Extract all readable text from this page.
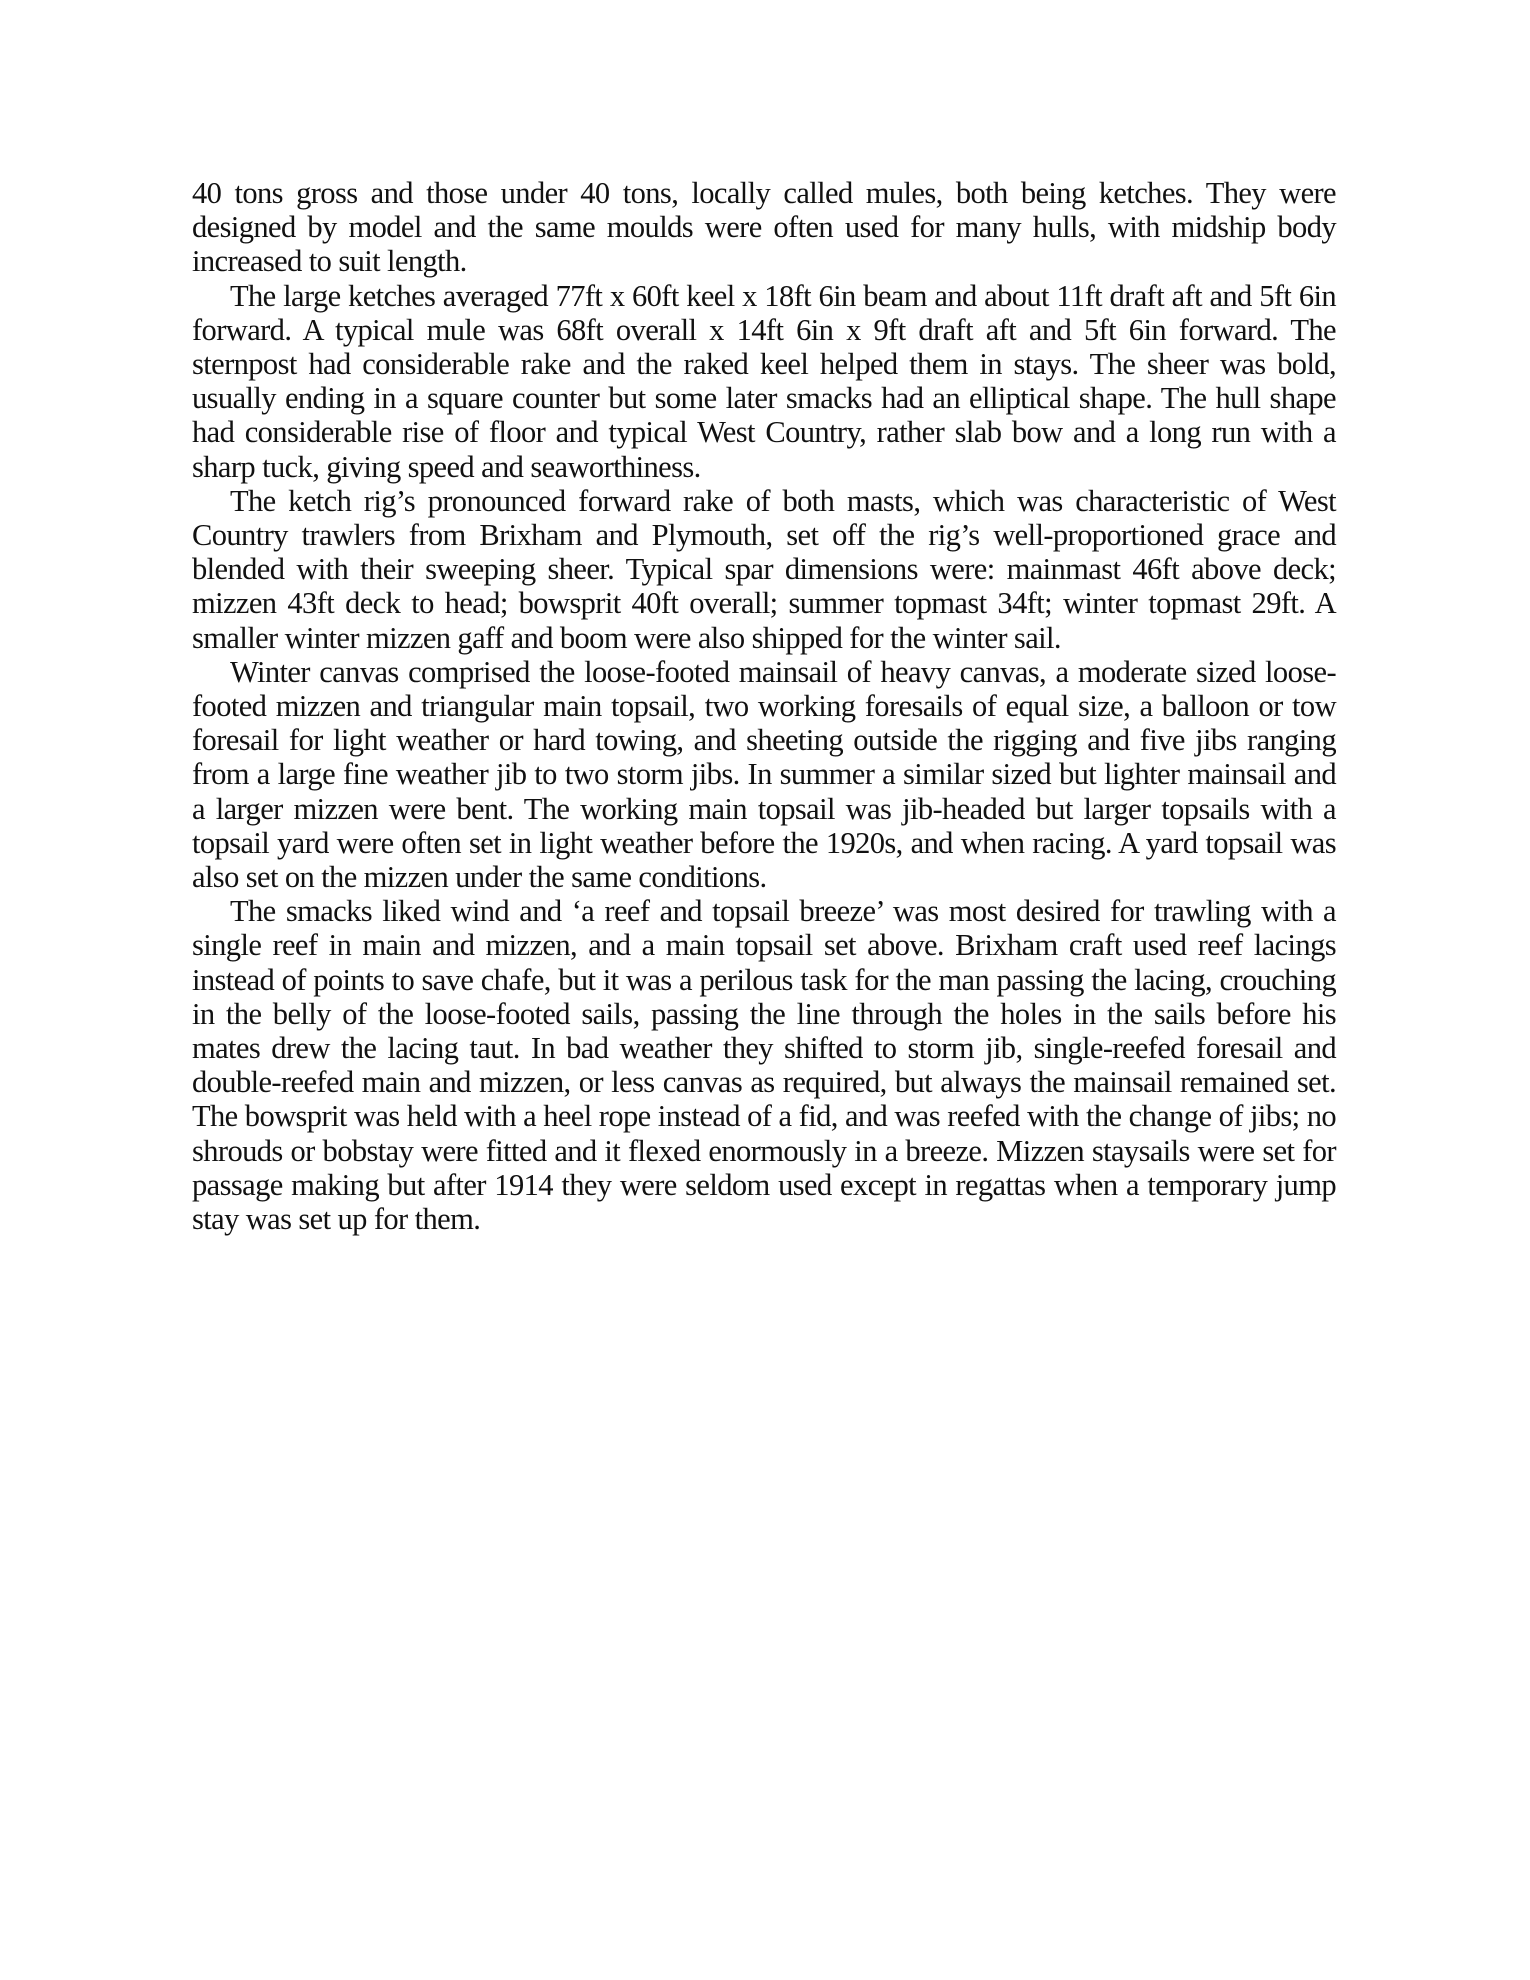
40 tons gross and those under 40 tons, locally called mules, both being ketches. They were designed by model and the same moulds were often used for many hulls, with midship body increased to suit length.

The large ketches averaged 77ft x 60ft keel x 18ft 6in beam and about 11ft draft aft and 5ft 6in forward. A typical mule was 68ft overall x 14ft 6in x 9ft draft aft and 5ft 6in forward. The sternpost had considerable rake and the raked keel helped them in stays. The sheer was bold, usually ending in a square counter but some later smacks had an elliptical shape. The hull shape had considerable rise of floor and typical West Country, rather slab bow and a long run with a sharp tuck, giving speed and seaworthiness.

The ketch rig’s pronounced forward rake of both masts, which was characteristic of West Country trawlers from Brixham and Plymouth, set off the rig’s well-proportioned grace and blended with their sweeping sheer. Typical spar dimensions were: mainmast 46ft above deck; mizzen 43ft deck to head; bowsprit 40ft overall; summer topmast 34ft; winter topmast 29ft. A smaller winter mizzen gaff and boom were also shipped for the winter sail.

Winter canvas comprised the loose-footed mainsail of heavy canvas, a moderate sized loose-footed mizzen and triangular main topsail, two working foresails of equal size, a balloon or tow foresail for light weather or hard towing, and sheeting outside the rigging and five jibs ranging from a large fine weather jib to two storm jibs. In summer a similar sized but lighter mainsail and a larger mizzen were bent. The working main topsail was jib-headed but larger topsails with a topsail yard were often set in light weather before the 1920s, and when racing. A yard topsail was also set on the mizzen under the same conditions.

The smacks liked wind and ‘a reef and topsail breeze’ was most desired for trawling with a single reef in main and mizzen, and a main topsail set above. Brixham craft used reef lacings instead of points to save chafe, but it was a perilous task for the man passing the lacing, crouching in the belly of the loose-footed sails, passing the line through the holes in the sails before his mates drew the lacing taut. In bad weather they shifted to storm jib, single-reefed foresail and double-reefed main and mizzen, or less canvas as required, but always the mainsail remained set. The bowsprit was held with a heel rope instead of a fid, and was reefed with the change of jibs; no shrouds or bobstay were fitted and it flexed enormously in a breeze. Mizzen staysails were set for passage making but after 1914 they were seldom used except in regattas when a temporary jump stay was set up for them.
